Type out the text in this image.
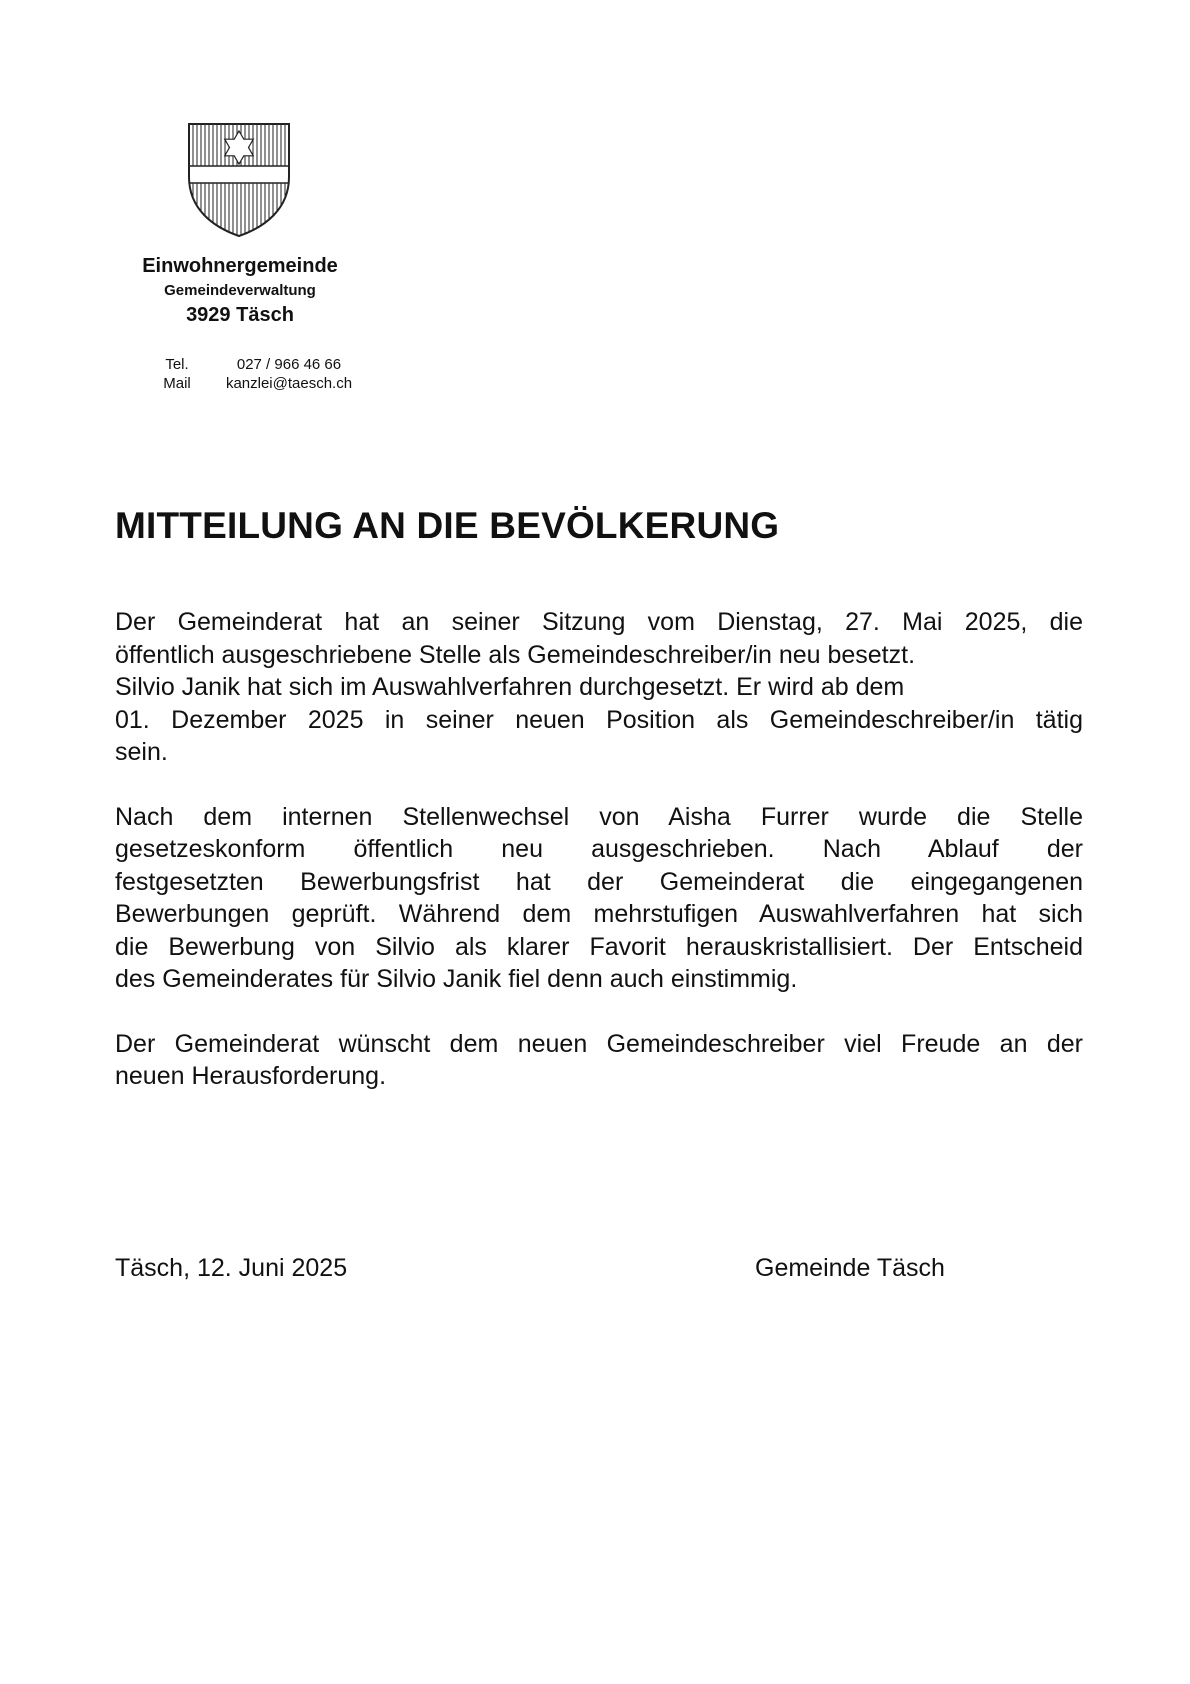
Einwohnergemeinde
Gemeindeverwaltung
3929 Täsch
Tel.	027 / 966 46 66
Mail	kanzlei@taesch.ch
MITTEILUNG AN DIE BEVÖLKERUNG

Der Gemeinderat hat an seiner Sitzung vom Dienstag, 27. Mai 2025, die
öffentlich ausgeschriebene Stelle als Gemeindeschreiber/in neu besetzt.
Silvio Janik hat sich im Auswahlverfahren durchgesetzt. Er wird ab dem
01. Dezember 2025 in seiner neuen Position als Gemeindeschreiber/in tätig
sein.

Nach dem internen Stellenwechsel von Aisha Furrer wurde die Stelle
gesetzeskonform öffentlich neu ausgeschrieben. Nach Ablauf der
festgesetzten Bewerbungsfrist hat der Gemeinderat die eingegangenen
Bewerbungen geprüft. Während dem mehrstufigen Auswahlverfahren hat sich
die Bewerbung von Silvio als klarer Favorit herauskristallisiert. Der Entscheid
des Gemeinderates für Silvio Janik fiel denn auch einstimmig.

Der Gemeinderat wünscht dem neuen Gemeindeschreiber viel Freude an der
neuen Herausforderung.

Täsch, 12. Juni 2025	Gemeinde Täsch
